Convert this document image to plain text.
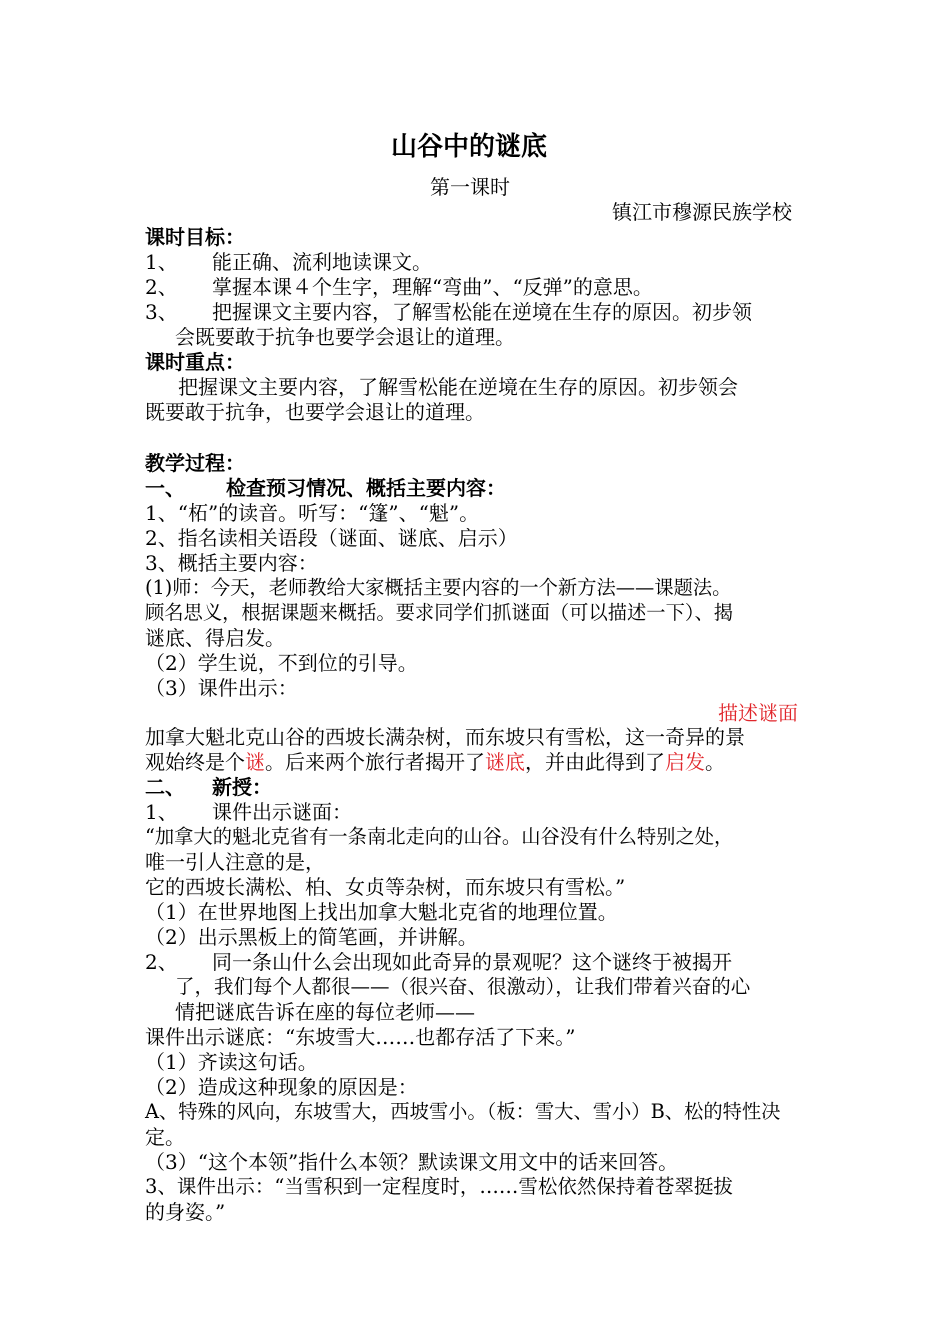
山谷中的谜底
第一课时
镇江市穆源民族学校
课时目标：
1、 能正确、流利地读课文。
2、 掌握本课４个生字，理解“弯曲”、“反弹”的意思。
3、 把握课文主要内容，了解雪松能在逆境在生存的原因。初步领
会既要敢于抗争也要学会退让的道理。
课时重点：
把握课文主要内容，了解雪松能在逆境在生存的原因。初步领会
既要敢于抗争，也要学会退让的道理。
教学过程：
一、 检查预习情况、概括主要内容：
1、“柘”的读音。听写：“篷”、“魁”。
2、指名读相关语段（谜面、谜底、启示）
3、概括主要内容：
(1)师：今天，老师教给大家概括主要内容的一个新方法——课题法。
顾名思义，根据课题来概括。要求同学们抓谜面（可以描述一下）、揭
谜底、得启发。
（2）学生说，不到位的引导。
（3）课件出示：
描述谜面
加拿大魁北克山谷的西坡长满杂树，而东坡只有雪松，这一奇异的景
观始终是个谜。后来两个旅行者揭开了谜底，并由此得到了启发。
二、 新授：
1、 课件出示谜面：
“加拿大的魁北克省有一条南北走向的山谷。山谷没有什么特别之处，
唯一引人注意的是，
它的西坡长满松、柏、女贞等杂树，而东坡只有雪松。”
（1）在世界地图上找出加拿大魁北克省的地理位置。
（2）出示黑板上的简笔画，并讲解。
2、 同一条山什么会出现如此奇异的景观呢？这个谜终于被揭开
了，我们每个人都很——（很兴奋、很激动），让我们带着兴奋的心
情把谜底告诉在座的每位老师——
课件出示谜底：“东坡雪大……也都存活了下来。”
（1）齐读这句话。
（2）造成这种现象的原因是：
A、特殊的风向，东坡雪大，西坡雪小。（板：雪大、雪小）B、松的特性决
定。
（3）“这个本领”指什么本领？默读课文用文中的话来回答。
3、课件出示：“当雪积到一定程度时，……雪松依然保持着苍翠挺拔
的身姿。”
